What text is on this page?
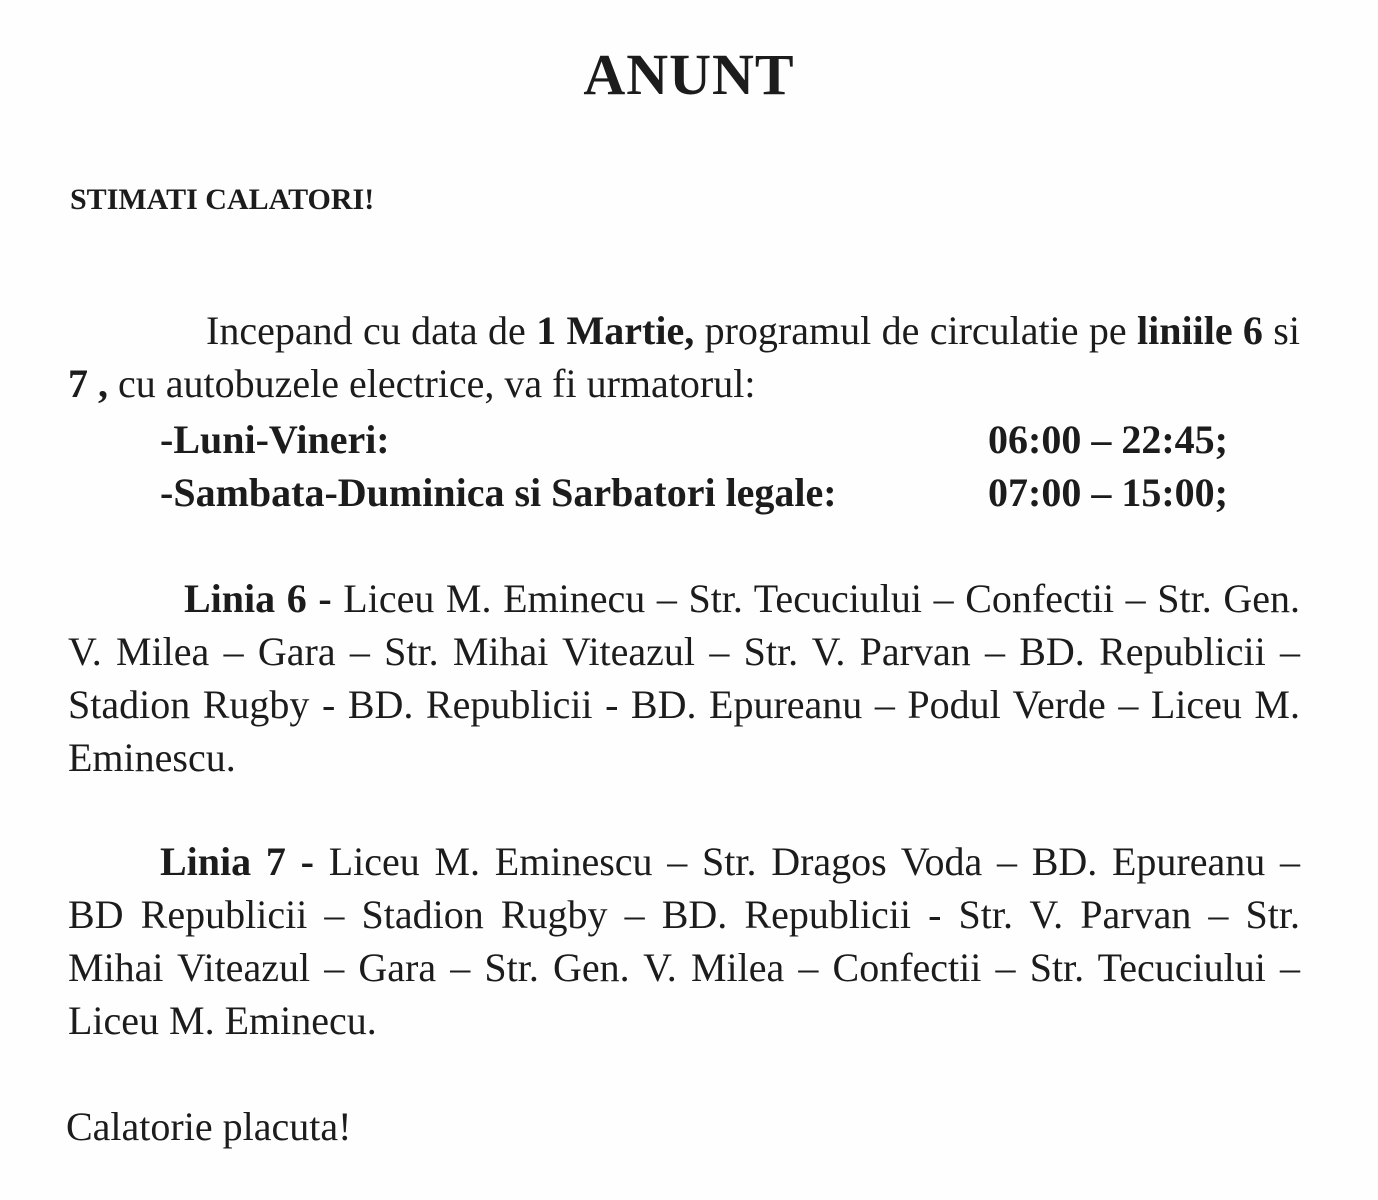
ANUNT

STIMATI CALATORI!

Incepand cu data de 1 Martie, programul de circulatie pe liniile 6 si 7 , cu autobuzele electrice, va fi urmatorul:

-Luni-Vineri:	06:00 – 22:45;
-Sambata-Duminica si Sarbatori legale:	07:00 – 15:00;

Linia 6 - Liceu M. Eminecu – Str. Tecuciului – Confectii – Str. Gen. V. Milea – Gara – Str. Mihai Viteazul – Str. V. Parvan – BD. Republicii – Stadion Rugby - BD. Republicii - BD. Epureanu – Podul Verde – Liceu M. Eminescu.

Linia 7 - Liceu M. Eminescu – Str. Dragos Voda – BD. Epureanu – BD Republicii – Stadion Rugby – BD. Republicii - Str. V. Parvan – Str. Mihai Viteazul – Gara – Str. Gen. V. Milea – Confectii – Str. Tecuciului – Liceu M. Eminecu.

Calatorie placuta!
